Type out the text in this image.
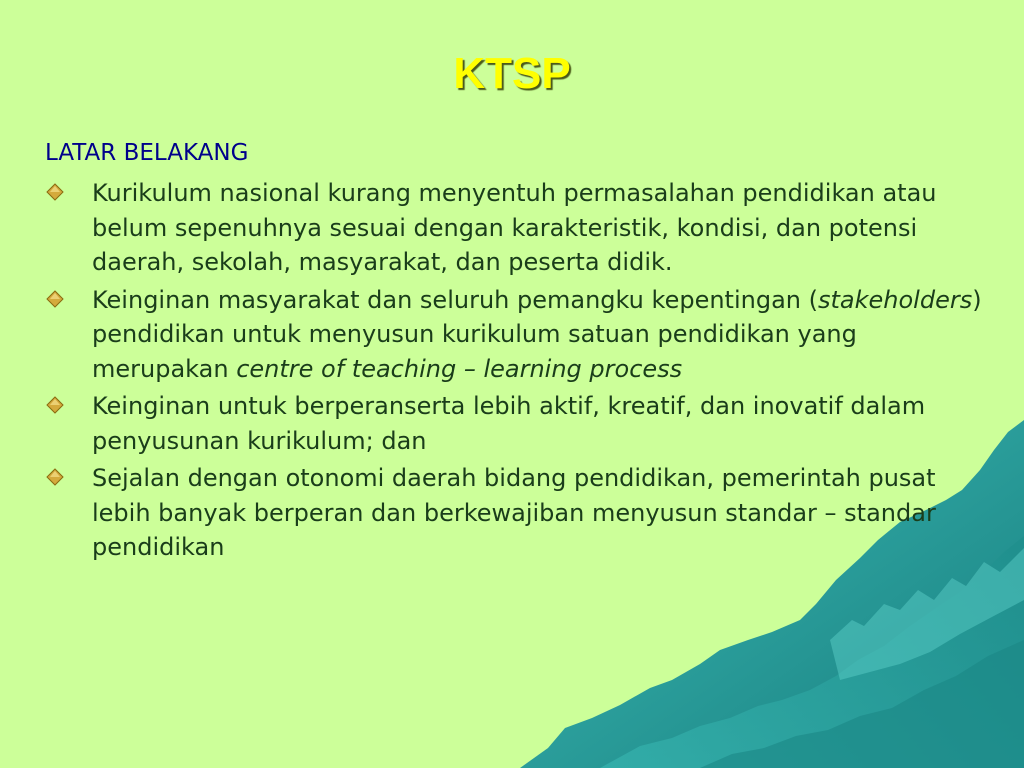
KTSP
LATAR BELAKANG
Kurikulum nasional kurang menyentuh permasalahan pendidikan atau belum sepenuhnya sesuai dengan karakteristik, kondisi, dan potensi daerah, sekolah, masyarakat, dan peserta didik.
Keinginan masyarakat dan seluruh pemangku kepentingan (stakeholders) pendidikan untuk menyusun kurikulum satuan pendidikan yang merupakan centre of teaching – learning process
Keinginan untuk berperanserta lebih aktif, kreatif, dan inovatif dalam penyusunan kurikulum; dan
Sejalan dengan otonomi daerah bidang pendidikan, pemerintah pusat lebih banyak berperan dan berkewajiban menyusun standar – standar pendidikan
